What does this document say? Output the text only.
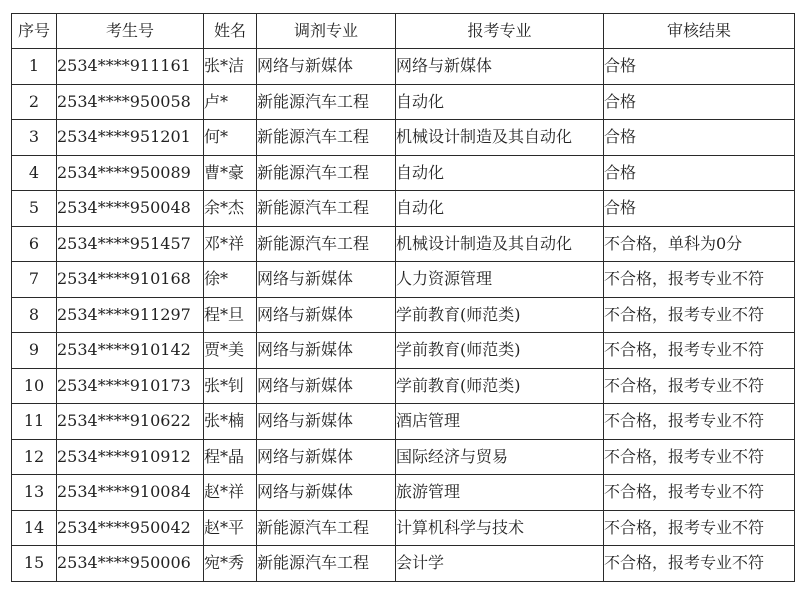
序号	考生号	姓名	调剂专业	报考专业	审核结果
1	2534****911161	张*洁	网络与新媒体	网络与新媒体	合格
2	2534****950058	卢*	新能源汽车工程	自动化	合格
3	2534****951201	何*	新能源汽车工程	机械设计制造及其自动化	合格
4	2534****950089	曹*豪	新能源汽车工程	自动化	合格
5	2534****950048	余*杰	新能源汽车工程	自动化	合格
6	2534****951457	邓*祥	新能源汽车工程	机械设计制造及其自动化	不合格，单科为0分
7	2534****910168	徐*	网络与新媒体	人力资源管理	不合格，报考专业不符
8	2534****911297	程*旦	网络与新媒体	学前教育(师范类)	不合格，报考专业不符
9	2534****910142	贾*美	网络与新媒体	学前教育(师范类)	不合格，报考专业不符
10	2534****910173	张*钊	网络与新媒体	学前教育(师范类)	不合格，报考专业不符
11	2534****910622	张*楠	网络与新媒体	酒店管理	不合格，报考专业不符
12	2534****910912	程*晶	网络与新媒体	国际经济与贸易	不合格，报考专业不符
13	2534****910084	赵*祥	网络与新媒体	旅游管理	不合格，报考专业不符
14	2534****950042	赵*平	新能源汽车工程	计算机科学与技术	不合格，报考专业不符
15	2534****950006	宛*秀	新能源汽车工程	会计学	不合格，报考专业不符
